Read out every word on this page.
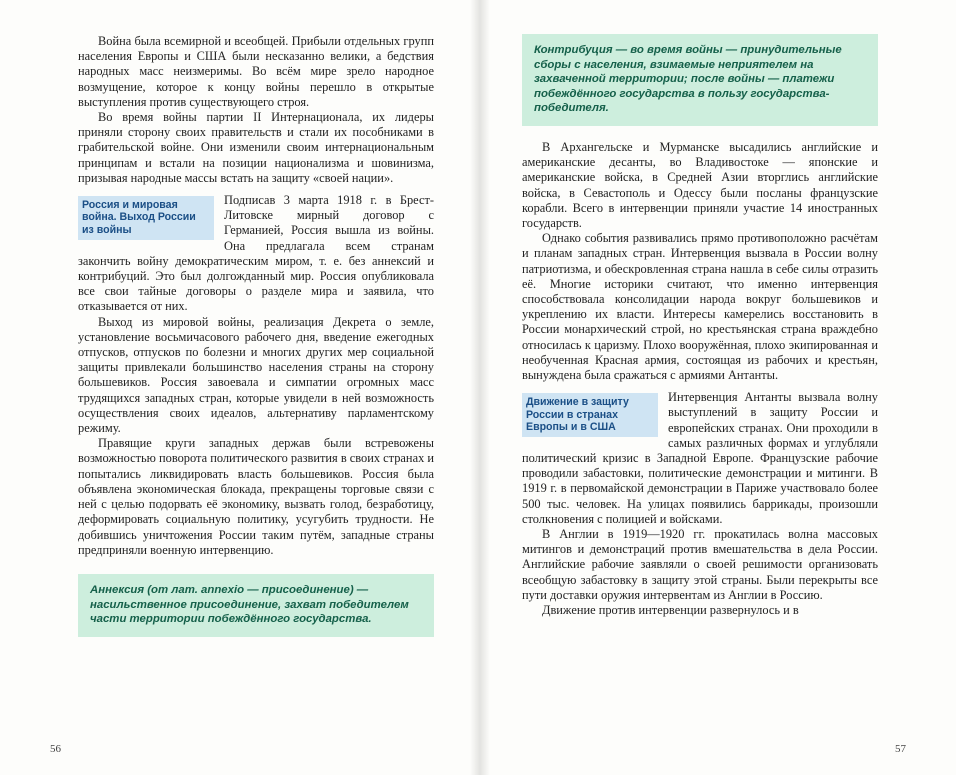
Война была всемирной и всеобщей. Прибыли отдельных групп населения Европы и США были несказанно велики, а бедствия народных масс неизмеримы. Во всём мире зрело народное возмущение, которое к концу войны перешло в открытые выступления против существующего строя.

Во время войны партии II Интернационала, их лидеры приняли сторону своих правительств и стали их пособниками в грабительской войне. Они изменили своим интернациональным принципам и встали на позиции национализма и шовинизма, призывая народные массы встать на защиту «своей нации».

Россия и мировая война. Выход России из войны

Подписав 3 марта 1918 г. в Брест-Литовске мирный договор с Германией, Россия вышла из войны. Она предлагала всем странам закончить войну демократическим миром, т. е. без аннексий и контрибуций. Это был долгожданный мир. Россия опубликовала все свои тайные договоры о разделе мира и заявила, что отказывается от них.

Выход из мировой войны, реализация Декрета о земле, установление восьмичасового рабочего дня, введение ежегодных отпусков, отпусков по болезни и многих других мер социальной защиты привлекали большинство населения страны на сторону большевиков. Россия завоевала и симпатии огромных масс трудящихся западных стран, которые увидели в ней возможность осуществления своих идеалов, альтернативу парламентскому режиму.

Правящие круги западных держав были встревожены возможностью поворота политического развития в своих странах и попытались ликвидировать власть большевиков. Россия была объявлена экономическая блокада, прекращены торговые связи с ней с целью подорвать её экономику, вызвать голод, безработицу, деформировать социальную политику, усугубить трудности. Не добившись уничтожения России таким путём, западные страны предприняли военную интервенцию.

Аннексия (от лат. annexio — присоединение) — насильственное присоединение, захват победителем части территории побеждённого государства.
56
Контрибуция — во время войны — принудительные сборы с населения, взимаемые неприятелем на захваченной территории; после войны — платежи побеждённого государства в пользу государства-победителя.

В Архангельске и Мурманске высадились английские и американские десанты, во Владивостоке — японские и американские войска, в Средней Азии вторглись английские войска, в Севастополь и Одессу были посланы французские корабли. Всего в интервенции приняли участие 14 иностранных государств.

Однако события развивались прямо противоположно расчётам и планам западных стран. Интервенция вызвала в России волну патриотизма, и обескровленная страна нашла в себе силы отразить её. Многие историки считают, что именно интервенция способствовала консолидации народа вокруг большевиков и укреплению их власти. Интересы камерелись восстановить в России монархический строй, но крестьянская страна враждебно относилась к царизму. Плохо вооружённая, плохо экипированная и необученная Красная армия, состоящая из рабочих и крестьян, вынуждена была сражаться с армиями Антанты.

Движение в защиту России в странах Европы и в США

Интервенция Антанты вызвала волну выступлений в защиту России и европейских странах. Они проходили в самых различных формах и углубляли политический кризис в Западной Европе. Французские рабочие проводили забастовки, политические демонстрации и митинги. В 1919 г. в первомайской демонстрации в Париже участвовало более 500 тыс. человек. На улицах появились баррикады, произошли столкновения с полицией и войсками.

В Англии в 1919—1920 гг. прокатилась волна массовых митингов и демонстраций против вмешательства в дела России. Английские рабочие заявляли о своей решимости организовать всеобщую забастовку в защиту этой страны. Были перекрыты все пути доставки оружия интервентам из Англии в Россию.

Движение против интервенции развернулось и в

57
